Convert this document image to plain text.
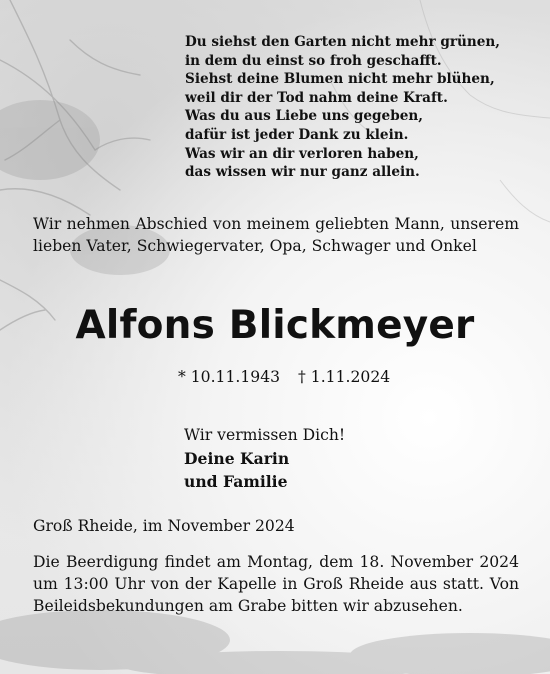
Du siehst den Garten nicht mehr grünen,
in dem du einst so froh geschafft.
Siehst deine Blumen nicht mehr blühen,
weil dir der Tod nahm deine Kraft.
Was du aus Liebe uns gegeben,
dafür ist jeder Dank zu klein.
Was wir an dir verloren haben,
das wissen wir nur ganz allein.
Wir nehmen Abschied von meinem geliebten Mann, unserem lieben Vater, Schwiegervater, Opa, Schwager und Onkel
Alfons Blickmeyer
* 10.11.1943 † 1.11.2024
Wir vermissen Dich!
Deine Karin
und Familie
Groß Rheide, im November 2024
Die Beerdigung findet am Montag, dem 18. November 2024 um 13:00 Uhr von der Kapelle in Groß Rheide aus statt. Von Beileidsbekundungen am Grabe bitten wir abzusehen.
